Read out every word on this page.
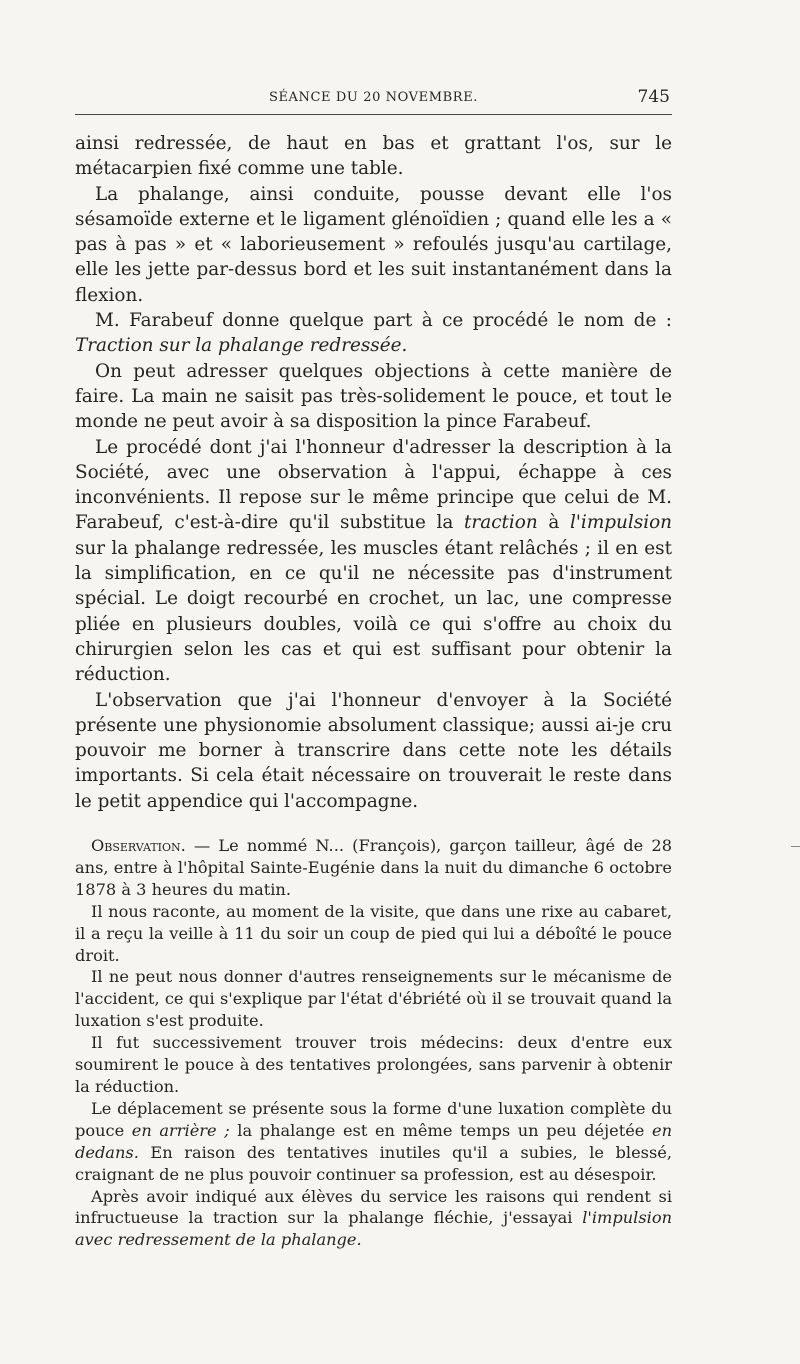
SÉANCE DU 20 NOVEMBRE.	745

ainsi redressée, de haut en bas et grattant l'os, sur le métacarpien fixé comme une table.

La phalange, ainsi conduite, pousse devant elle l'os sésamoïde externe et le ligament glénoïdien ; quand elle les a « pas à pas » et « laborieusement » refoulés jusqu'au cartilage, elle les jette par-dessus bord et les suit instantanément dans la flexion.

M. Farabeuf donne quelque part à ce procédé le nom de : Traction sur la phalange redressée.

On peut adresser quelques objections à cette manière de faire. La main ne saisit pas très-solidement le pouce, et tout le monde ne peut avoir à sa disposition la pince Farabeuf.

Le procédé dont j'ai l'honneur d'adresser la description à la Société, avec une observation à l'appui, échappe à ces inconvénients. Il repose sur le même principe que celui de M. Farabeuf, c'est-à-dire qu'il substitue la traction à l'impulsion sur la phalange redressée, les muscles étant relâchés ; il en est la simplification, en ce qu'il ne nécessite pas d'instrument spécial. Le doigt recourbé en crochet, un lac, une compresse pliée en plusieurs doubles, voilà ce qui s'offre au choix du chirurgien selon les cas et qui est suffisant pour obtenir la réduction.

L'observation que j'ai l'honneur d'envoyer à la Société présente une physionomie absolument classique; aussi ai-je cru pouvoir me borner à transcrire dans cette note les détails importants. Si cela était nécessaire on trouverait le reste dans le petit appendice qui l'accompagne.

Observation. — Le nommé N... (François), garçon tailleur, âgé de 28 ans, entre à l'hôpital Sainte-Eugénie dans la nuit du dimanche 6 octobre 1878 à 3 heures du matin.

Il nous raconte, au moment de la visite, que dans une rixe au cabaret, il a reçu la veille à 11 du soir un coup de pied qui lui a déboîté le pouce droit.

Il ne peut nous donner d'autres renseignements sur le mécanisme de l'accident, ce qui s'explique par l'état d'ébriété où il se trouvait quand la luxation s'est produite.

Il fut successivement trouver trois médecins: deux d'entre eux soumirent le pouce à des tentatives prolongées, sans parvenir à obtenir la réduction.

Le déplacement se présente sous la forme d'une luxation complète du pouce en arrière ; la phalange est en même temps un peu déjetée en dedans. En raison des tentatives inutiles qu'il a subies, le blessé, craignant de ne plus pouvoir continuer sa profession, est au désespoir.

Après avoir indiqué aux élèves du service les raisons qui rendent si infructueuse la traction sur la phalange fléchie, j'essayai l'impulsion avec redressement de la phalange.
